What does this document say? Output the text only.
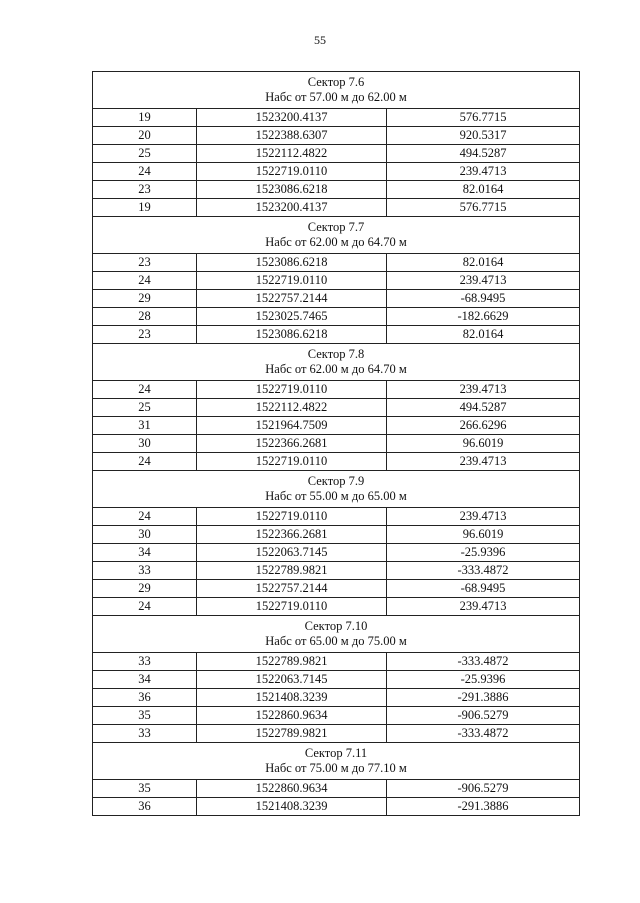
55
Сектор 7.6
Набс от 57.00 м до 62.00 м		

19	1523200.4137	576.7715
20	1522388.6307	920.5317
25	1522112.4822	494.5287
24	1522719.0110	239.4713
23	1523086.6218	82.0164
19	1523200.4137	576.7715

Сектор 7.7
Набс от 62.00 м до 64.70 м		

23	1523086.6218	82.0164
24	1522719.0110	239.4713
29	1522757.2144	-68.9495
28	1523025.7465	-182.6629
23	1523086.6218	82.0164

Сектор 7.8
Набс от 62.00 м до 64.70 м		

24	1522719.0110	239.4713
25	1522112.4822	494.5287
31	1521964.7509	266.6296
30	1522366.2681	96.6019
24	1522719.0110	239.4713

Сектор 7.9
Набс от 55.00 м до 65.00 м		

24	1522719.0110	239.4713
30	1522366.2681	96.6019
34	1522063.7145	-25.9396
33	1522789.9821	-333.4872
29	1522757.2144	-68.9495
24	1522719.0110	239.4713

Сектор 7.10
Набс от 65.00 м до 75.00 м		

33	1522789.9821	-333.4872
34	1522063.7145	-25.9396
36	1521408.3239	-291.3886
35	1522860.9634	-906.5279
33	1522789.9821	-333.4872

Сектор 7.11
Набс от 75.00 м до 77.10 м		

35	1522860.9634	-906.5279
36	1521408.3239	-291.3886
